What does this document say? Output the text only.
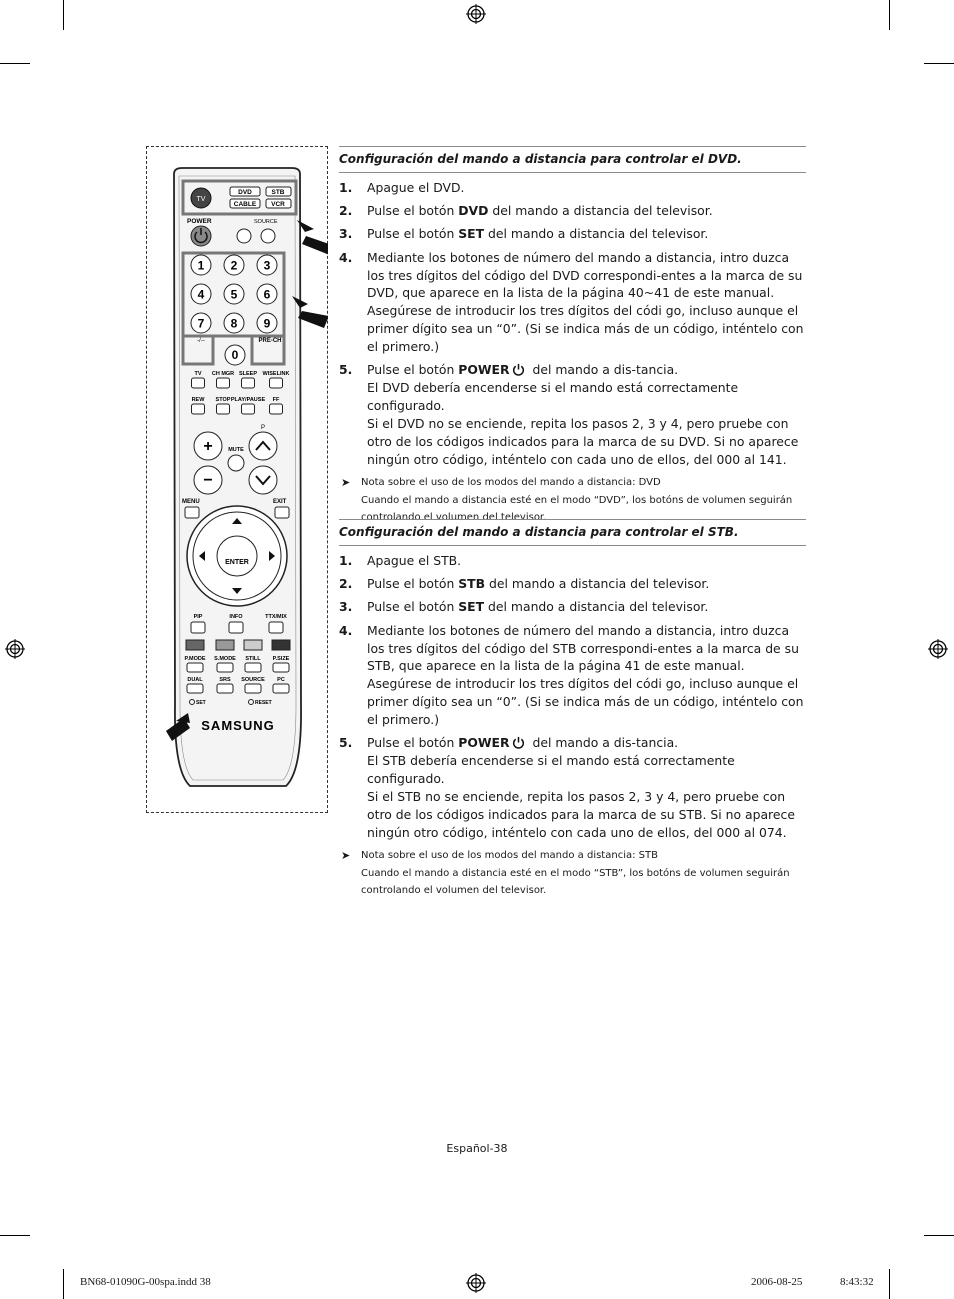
TV
DVD	STB
CABLE VCR
POWER	SOURCE
1 2 3
4 5 6
7 8 9
-/--	PRE-CH
0
TV CH MGR SLEEP WISELINK
REW STOP PLAY/PAUSE FF
+
−
MUTE
P
MENU	EXIT
ENTER
PIP	INFO	TTX/MIX
P.MODE S.MODE STILL P.SIZE
DUAL	SRS SOURCE PC
SET	RESET
SAMSUNG
Configuración del mando a distancia para controlar el DVD.
1. Apague el DVD.
2. Pulse el botón DVD del mando a distancia del televisor.
3. Pulse el botón SET del mando a distancia del televisor.
4. Mediante los botones de número del mando a distancia, intro duzca los tres dígitos del código del DVD correspondi-entes a la marca de su DVD, que aparece en la lista de la página 40~41 de este manual. Asegúrese de introducir los tres dígitos del códi go, incluso aunque el primer dígito sea un “0”. (Si se indica más de un código, inténtelo con el primero.)
5. Pulse el botón POWER del mando a dis-tancia.
El DVD debería encenderse si el mando está correctamente configurado.
Si el DVD no se enciende, repita los pasos 2, 3 y 4, pero pruebe con otro de los códigos indicados para la marca de su DVD. Si no aparece ningún otro código, inténtelo con cada uno de ellos, del 000 al 141.
➤ Nota sobre el uso de los modos del mando a distancia: DVD
Cuando el mando a distancia esté en el modo “DVD”, los botóns de volumen seguirán controlando el volumen del televisor.
Configuración del mando a distancia para controlar el STB.
1. Apague el STB.
2. Pulse el botón STB del mando a distancia del televisor.
3. Pulse el botón SET del mando a distancia del televisor.
4. Mediante los botones de número del mando a distancia, intro duzca los tres dígitos del código del STB correspondi-entes a la marca de su STB, que aparece en la lista de la página 41 de este manual. Asegúrese de introducir los tres dígitos del códi go, incluso aunque el primer dígito sea un “0”. (Si se indica más de un código, inténtelo con el primero.)
5. Pulse el botón POWER del mando a dis-tancia.
El STB debería encenderse si el mando está correctamente configurado.
Si el STB no se enciende, repita los pasos 2, 3 y 4, pero pruebe con otro de los códigos indicados para la marca de su STB. Si no aparece ningún otro código, inténtelo con cada uno de ellos, del 000 al 074.
➤ Nota sobre el uso de los modos del mando a distancia: STB
Cuando el mando a distancia esté en el modo “STB”, los botóns de volumen seguirán controlando el volumen del televisor.
Español-38
BN68-01090G-00spa.indd 38	2006-08-25	8:43:32
